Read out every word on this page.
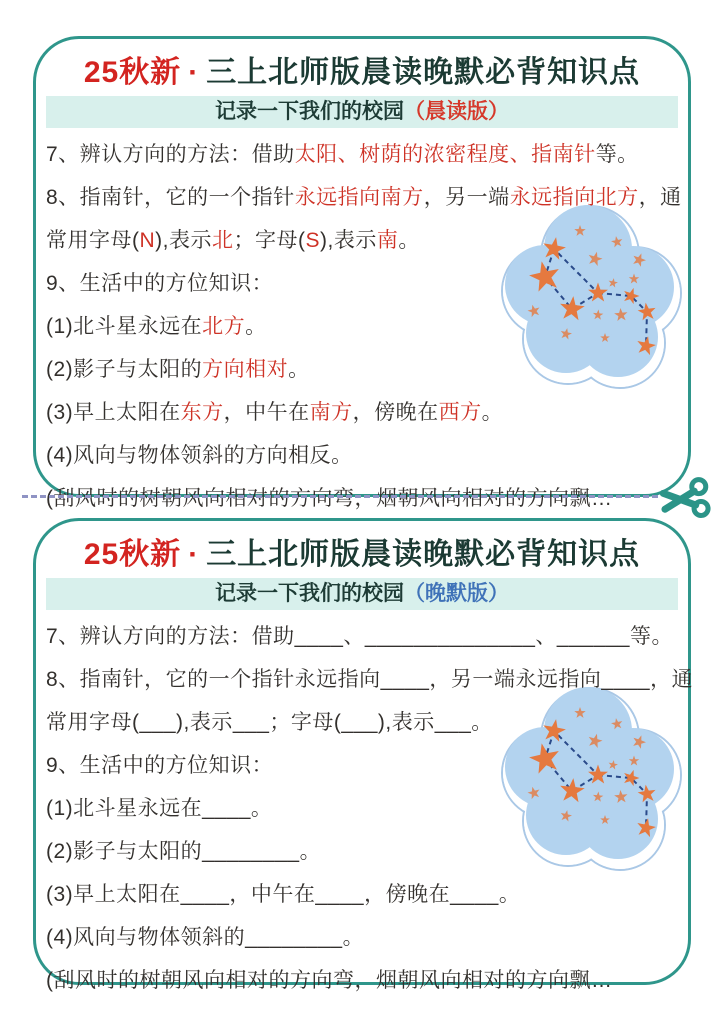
25秋新 · 三上北师版晨读晚默必背知识点
记录一下我们的校园（晨读版）
7、辨认方向的方法：借助太阳、树荫的浓密程度、指南针等。
8、指南针，它的一个指针永远指向南方，另一端永远指向北方，通
常用字母(N),表示北；字母(S),表示南。
9、生活中的方位知识：
(1)北斗星永远在北方。
(2)影子与太阳的方向相对。
(3)早上太阳在东方，中午在南方，傍晚在西方。
(4)风向与物体领斜的方向相反。
(刮风时的树朝风向相对的方向弯，烟朝风向相对的方向飘…
25秋新 · 三上北师版晨读晚默必背知识点
记录一下我们的校园（晚默版）
7、辨认方向的方法：借助____、______________、______等。
8、指南针，它的一个指针永远指向____，另一端永远指向____，通
常用字母(___),表示___；字母(___),表示___。
9、生活中的方位知识：
(1)北斗星永远在____。
(2)影子与太阳的________。
(3)早上太阳在____，中午在____，傍晚在____。
(4)风向与物体领斜的________。
(刮风时的树朝风向相对的方向弯，烟朝风向相对的方向飘…
